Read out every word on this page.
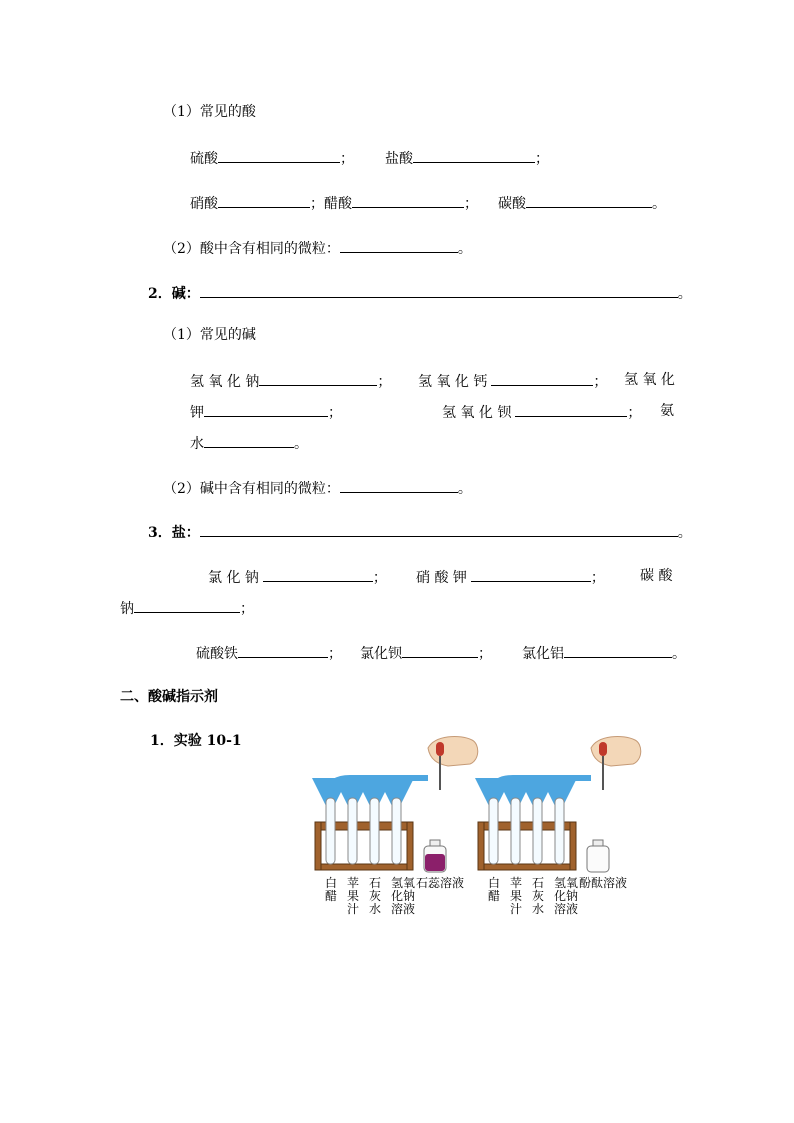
（1）常见的酸
硫酸	； 盐酸	；
硝酸	；醋酸	； 碳酸	。
（2）酸中含有相同的微粒：	。
2．碱：	。
（1）常见的碱
氢 氧 化 钠	； 氢 氧 化 钙	； 氢 氧 化
钾	；	氢 氧 化 钡	； 氨
水	。
（2）碱中含有相同的微粒：	。
3．盐：	。
氯 化 钠	； 硝 酸 钾	；	碳 酸
钠	；
硫酸铁	； 氯化钡	； 氯化铝	。
二、酸碱指示剂
1．实验 10-1
白醋
苹果汁
石灰水
氢氧化钠溶液
石蕊溶液 白醋
苹果汁
石灰水
氢氧化钠溶液
酚酞溶液
